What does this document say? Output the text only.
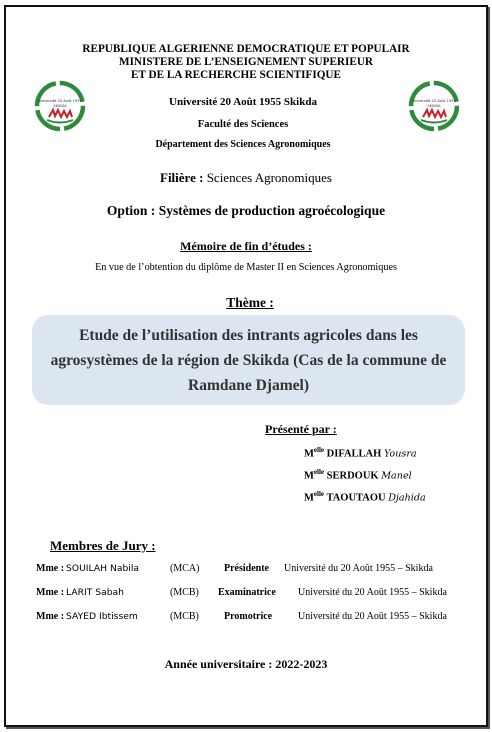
REPUBLIQUE ALGERIENNE DEMOCRATIQUE ET POPULAIR
MINISTERE DE L’ENSEIGNEMENT SUPERIEUR
ET DE LA RECHERCHE SCIENTIFIQUE
Université 20 Août 1955
SKIKDA
Université 20 Août 1955
SKIKDA
Université 20 Août 1955 Skikda
Faculté des Sciences
Département des Sciences Agronomiques
Filière : Sciences Agronomiques
Option : Systèmes de production agroécologique
Mémoire de fin d’études :
En vue de l’obtention du diplôme de Master II en Sciences Agronomiques
Thème :
Etude de l’utilisation des intrants agricoles dans les
agrosystèmes de la région de Skikda (Cas de la commune de
Ramdane Djamel)
Présenté par :
$M^{elle}$ DIFALLAH Yousra
$M^{elle}$ SERDOUK Manel
$M^{elle}$ TAOUTAOU Djahida
Membres de Jury :
Mme : SOUILAH Nabila	(MCA) Présidente Université du 20 Août 1955 – Skikda
Mme : LARIT Sabah	(MCB) Examinatrice Université du 20 Août 1955 – Skikda
Mme : SAYED Ibtissem	(MCB)	Promotrice	Université du 20 Août 1955 – Skikda
Année universitaire : 2022-2023
